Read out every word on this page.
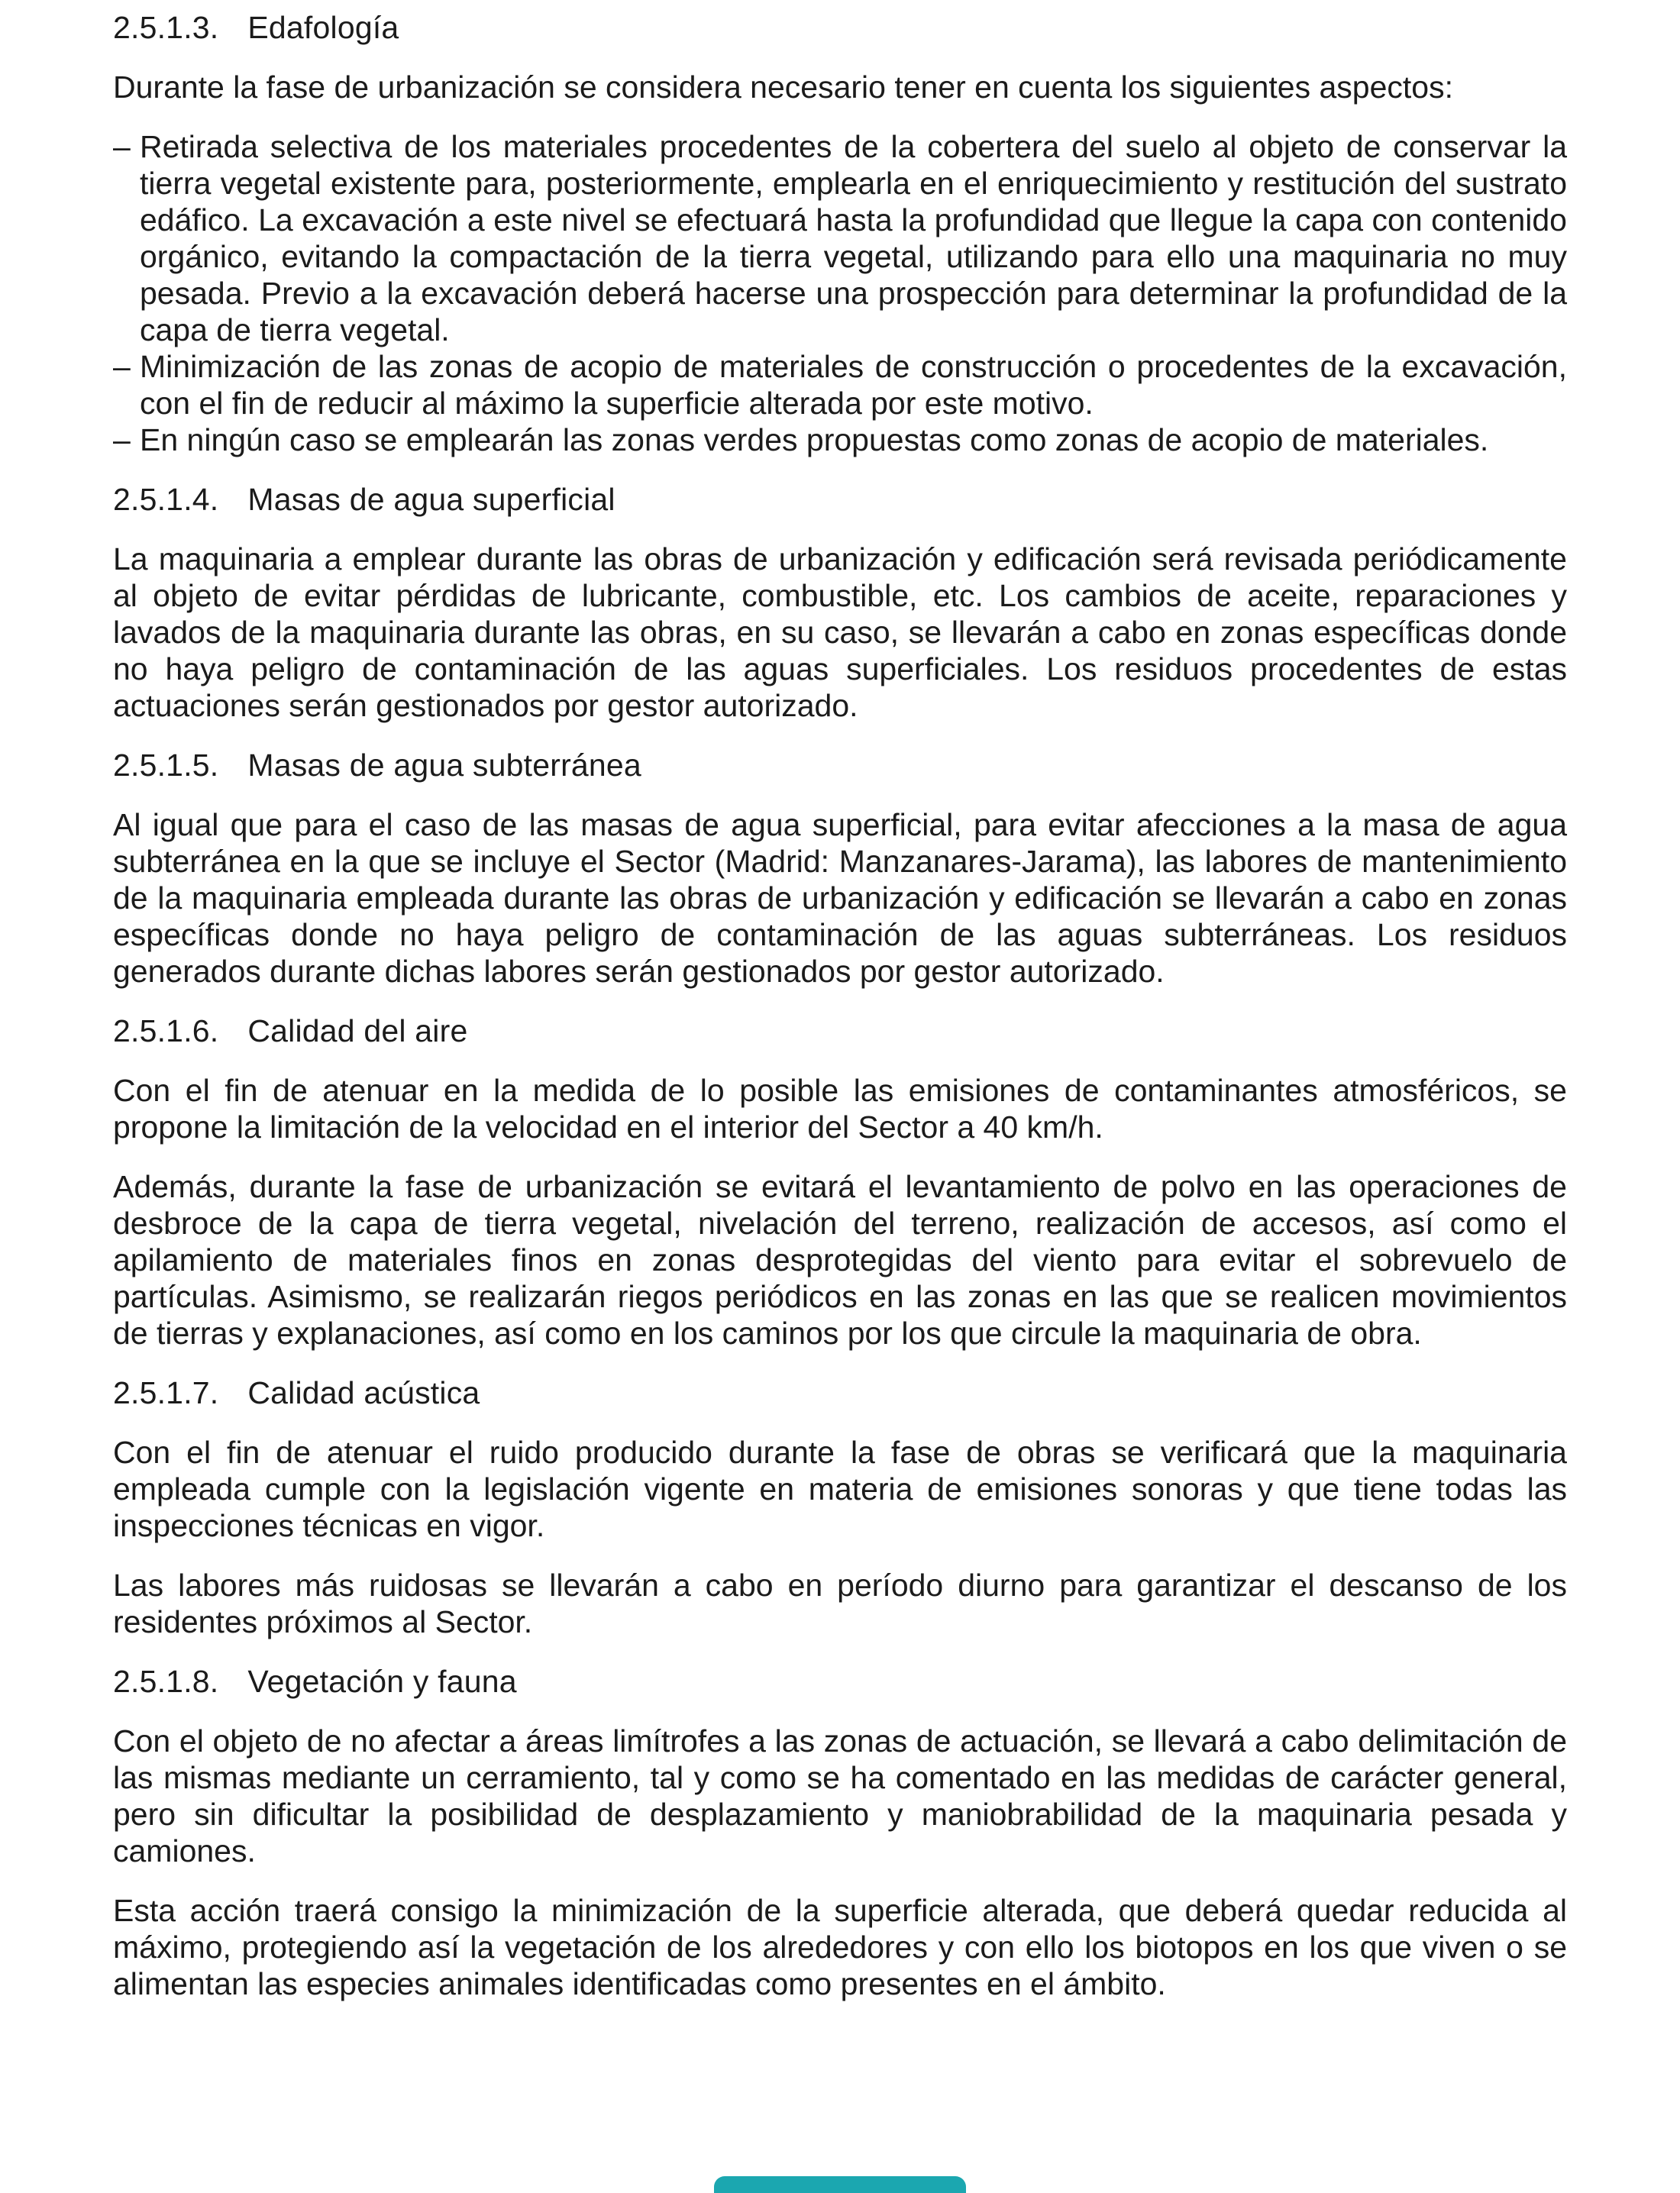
2.5.1.3. Edafología

Durante la fase de urbanización se considera necesario tener en cuenta los siguientes aspectos:

– Retirada selectiva de los materiales procedentes de la cobertera del suelo al objeto de conservar la tierra vegetal existente para, posteriormente, emplearla en el enriquecimiento y restitución del sustrato edáfico. La excavación a este nivel se efectuará hasta la profundidad que llegue la capa con contenido orgánico, evitando la compactación de la tierra vegetal, utilizando para ello una maquinaria no muy pesada. Previo a la excavación deberá hacerse una prospección para determinar la profundidad de la capa de tierra vegetal.
– Minimización de las zonas de acopio de materiales de construcción o procedentes de la excavación, con el fin de reducir al máximo la superficie alterada por este motivo.
– En ningún caso se emplearán las zonas verdes propuestas como zonas de acopio de materiales.
2.5.1.4. Masas de agua superficial

La maquinaria a emplear durante las obras de urbanización y edificación será revisada periódicamente al objeto de evitar pérdidas de lubricante, combustible, etc. Los cambios de aceite, reparaciones y lavados de la maquinaria durante las obras, en su caso, se llevarán a cabo en zonas específicas donde no haya peligro de contaminación de las aguas superficiales. Los residuos procedentes de estas actuaciones serán gestionados por gestor autorizado.

2.5.1.5. Masas de agua subterránea

Al igual que para el caso de las masas de agua superficial, para evitar afecciones a la masa de agua subterránea en la que se incluye el Sector (Madrid: Manzanares-Jarama), las labores de mantenimiento de la maquinaria empleada durante las obras de urbanización y edificación se llevarán a cabo en zonas específicas donde no haya peligro de contaminación de las aguas subterráneas. Los residuos generados durante dichas labores serán gestionados por gestor autorizado.

2.5.1.6. Calidad del aire

Con el fin de atenuar en la medida de lo posible las emisiones de contaminantes atmosféricos, se propone la limitación de la velocidad en el interior del Sector a 40 km/h.

Además, durante la fase de urbanización se evitará el levantamiento de polvo en las operaciones de desbroce de la capa de tierra vegetal, nivelación del terreno, realización de accesos, así como el apilamiento de materiales finos en zonas desprotegidas del viento para evitar el sobrevuelo de partículas. Asimismo, se realizarán riegos periódicos en las zonas en las que se realicen movimientos de tierras y explanaciones, así como en los caminos por los que circule la maquinaria de obra.

2.5.1.7. Calidad acústica

Con el fin de atenuar el ruido producido durante la fase de obras se verificará que la maquinaria empleada cumple con la legislación vigente en materia de emisiones sonoras y que tiene todas las inspecciones técnicas en vigor.

Las labores más ruidosas se llevarán a cabo en período diurno para garantizar el descanso de los residentes próximos al Sector.

2.5.1.8. Vegetación y fauna

Con el objeto de no afectar a áreas limítrofes a las zonas de actuación, se llevará a cabo delimitación de las mismas mediante un cerramiento, tal y como se ha comentado en las medidas de carácter general, pero sin dificultar la posibilidad de desplazamiento y maniobrabilidad de la maquinaria pesada y camiones.

Esta acción traerá consigo la minimización de la superficie alterada, que deberá quedar reducida al máximo, protegiendo así la vegetación de los alrededores y con ello los biotopos en los que viven o se alimentan las especies animales identificadas como presentes en el ámbito.
